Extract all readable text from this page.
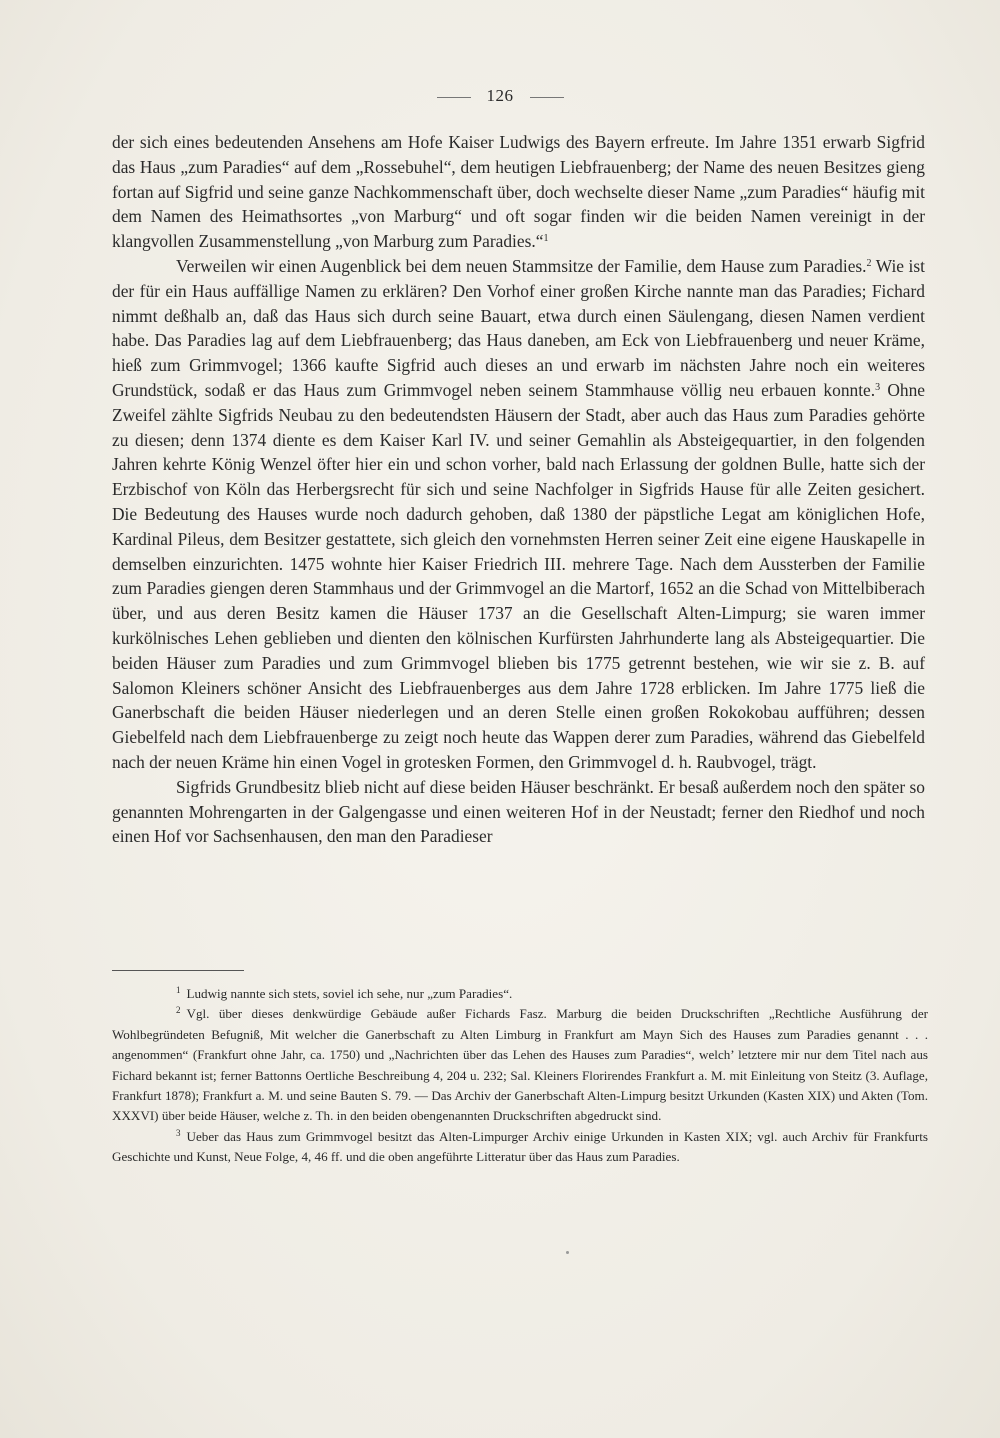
126

der sich eines bedeutenden Ansehens am Hofe Kaiser Ludwigs des Bayern erfreute. Im Jahre 1351 erwarb Sigfrid das Haus „zum Paradies“ auf dem „Rossebuhel“, dem heutigen Liebfrauenberg; der Name des neuen Besitzes gieng fortan auf Sigfrid und seine ganze Nachkommenschaft über, doch wechselte dieser Name „zum Paradies“ häufig mit dem Namen des Heimathsortes „von Marburg“ und oft sogar finden wir die beiden Namen vereinigt in der klangvollen Zusammenstellung „von Marburg zum Paradies.“$^1$

Verweilen wir einen Augenblick bei dem neuen Stammsitze der Familie, dem Hause zum Paradies.$^2$ Wie ist der für ein Haus auffällige Namen zu erklären? Den Vorhof einer großen Kirche nannte man das Paradies; Fichard nimmt deßhalb an, daß das Haus sich durch seine Bauart, etwa durch einen Säulengang, diesen Namen verdient habe. Das Paradies lag auf dem Liebfrauenberg; das Haus daneben, am Eck von Liebfrauenberg und neuer Kräme, hieß zum Grimmvogel; 1366 kaufte Sigfrid auch dieses an und erwarb im nächsten Jahre noch ein weiteres Grundstück, sodaß er das Haus zum Grimmvogel neben seinem Stammhause völlig neu erbauen konnte.$^3$ Ohne Zweifel zählte Sigfrids Neubau zu den bedeutendsten Häusern der Stadt, aber auch das Haus zum Paradies gehörte zu diesen; denn 1374 diente es dem Kaiser Karl IV. und seiner Gemahlin als Absteigequartier, in den folgenden Jahren kehrte König Wenzel öfter hier ein und schon vorher, bald nach Erlassung der goldnen Bulle, hatte sich der Erzbischof von Köln das Herbergsrecht für sich und seine Nachfolger in Sigfrids Hause für alle Zeiten gesichert. Die Bedeutung des Hauses wurde noch dadurch gehoben, daß 1380 der päpstliche Legat am königlichen Hofe, Kardinal Pileus, dem Besitzer gestattete, sich gleich den vornehmsten Herren seiner Zeit eine eigene Hauskapelle in demselben einzurichten. 1475 wohnte hier Kaiser Friedrich III. mehrere Tage. Nach dem Aussterben der Familie zum Paradies giengen deren Stammhaus und der Grimmvogel an die Martorf, 1652 an die Schad von Mittelbiberach über, und aus deren Besitz kamen die Häuser 1737 an die Gesellschaft Alten-Limpurg; sie waren immer kurkölnisches Lehen geblieben und dienten den kölnischen Kurfürsten Jahrhunderte lang als Absteigequartier. Die beiden Häuser zum Paradies und zum Grimmvogel blieben bis 1775 getrennt bestehen, wie wir sie z. B. auf Salomon Kleiners schöner Ansicht des Liebfrauenberges aus dem Jahre 1728 erblicken. Im Jahre 1775 ließ die Ganerbschaft die beiden Häuser niederlegen und an deren Stelle einen großen Rokokobau aufführen; dessen Giebelfeld nach dem Liebfrauenberge zu zeigt noch heute das Wappen derer zum Paradies, während das Giebelfeld nach der neuen Kräme hin einen Vogel in grotesken Formen, den Grimmvogel d. h. Raubvogel, trägt.

Sigfrids Grundbesitz blieb nicht auf diese beiden Häuser beschränkt. Er besaß außerdem noch den später so genannten Mohrengarten in der Galgengasse und einen weiteren Hof in der Neustadt; ferner den Riedhof und noch einen Hof vor Sachsenhausen, den man den Paradieser

$^1$ Ludwig nannte sich stets, soviel ich sehe, nur „zum Paradies“.

$^2$ Vgl. über dieses denkwürdige Gebäude außer Fichards Fasz. Marburg die beiden Druckschriften „Rechtliche Ausführung der Wohlbegründeten Befugniß, Mit welcher die Ganerbschaft zu Alten Limburg in Frankfurt am Mayn Sich des Hauses zum Paradies genannt . . . angenommen“ (Frankfurt ohne Jahr, ca. 1750) und „Nachrichten über das Lehen des Hauses zum Paradies“, welch’ letztere mir nur dem Titel nach aus Fichard bekannt ist; ferner Battonns Oertliche Beschreibung 4, 204 u. 232; Sal. Kleiners Florirendes Frankfurt a. M. mit Einleitung von Steitz (3. Auflage, Frankfurt 1878); Frankfurt a. M. und seine Bauten S. 79. — Das Archiv der Ganerbschaft Alten-Limpurg besitzt Urkunden (Kasten XIX) und Akten (Tom. XXXVI) über beide Häuser, welche z. Th. in den beiden obengenannten Druckschriften abgedruckt sind.

$^3$ Ueber das Haus zum Grimmvogel besitzt das Alten-Limpurger Archiv einige Urkunden in Kasten XIX; vgl. auch Archiv für Frankfurts Geschichte und Kunst, Neue Folge, 4, 46 ff. und die oben angeführte Litteratur über das Haus zum Paradies.
